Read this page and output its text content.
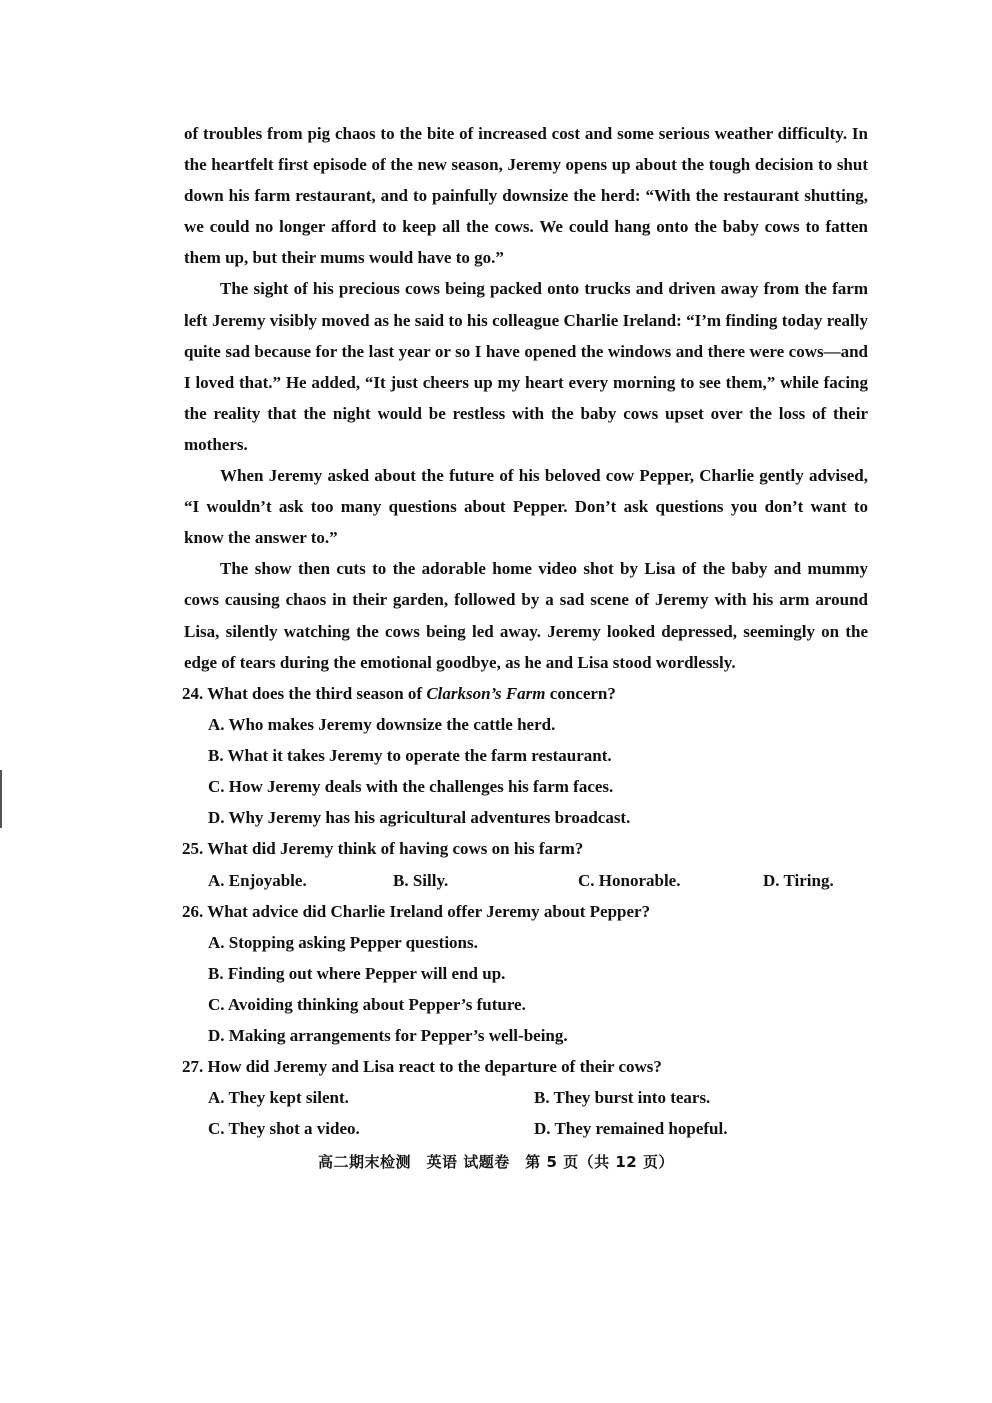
of troubles from pig chaos to the bite of increased cost and some serious weather difficulty. In the heartfelt first episode of the new season, Jeremy opens up about the tough decision to shut down his farm restaurant, and to painfully downsize the herd: “With the restaurant shutting, we could no longer afford to keep all the cows. We could hang onto the baby cows to fatten them up, but their mums would have to go.”

The sight of his precious cows being packed onto trucks and driven away from the farm left Jeremy visibly moved as he said to his colleague Charlie Ireland: “I’m finding today really quite sad because for the last year or so I have opened the windows and there were cows—and I loved that.” He added, “It just cheers up my heart every morning to see them,” while facing the reality that the night would be restless with the baby cows upset over the loss of their mothers.

When Jeremy asked about the future of his beloved cow Pepper, Charlie gently advised, “I wouldn’t ask too many questions about Pepper. Don’t ask questions you don’t want to know the answer to.”

The show then cuts to the adorable home video shot by Lisa of the baby and mummy cows causing chaos in their garden, followed by a sad scene of Jeremy with his arm around Lisa, silently watching the cows being led away. Jeremy looked depressed, seemingly on the edge of tears during the emotional goodbye, as he and Lisa stood wordlessly.

24. What does the third season of Clarkson’s Farm concern?

A. Who makes Jeremy downsize the cattle herd.

B. What it takes Jeremy to operate the farm restaurant.

C. How Jeremy deals with the challenges his farm faces.

D. Why Jeremy has his agricultural adventures broadcast.

25. What did Jeremy think of having cows on his farm?

A. Enjoyable.	B. Silly.	C. Honorable.	D. Tiring.

26. What advice did Charlie Ireland offer Jeremy about Pepper?

A. Stopping asking Pepper questions.

B. Finding out where Pepper will end up.

C. Avoiding thinking about Pepper’s future.

D. Making arrangements for Pepper’s well-being.

27. How did Jeremy and Lisa react to the departure of their cows?

A. They kept silent.	B. They burst into tears.
C. They shot a video.	D. They remained hopeful.
高二期末检测　英语 试题卷　第 5 页（共 12 页）
